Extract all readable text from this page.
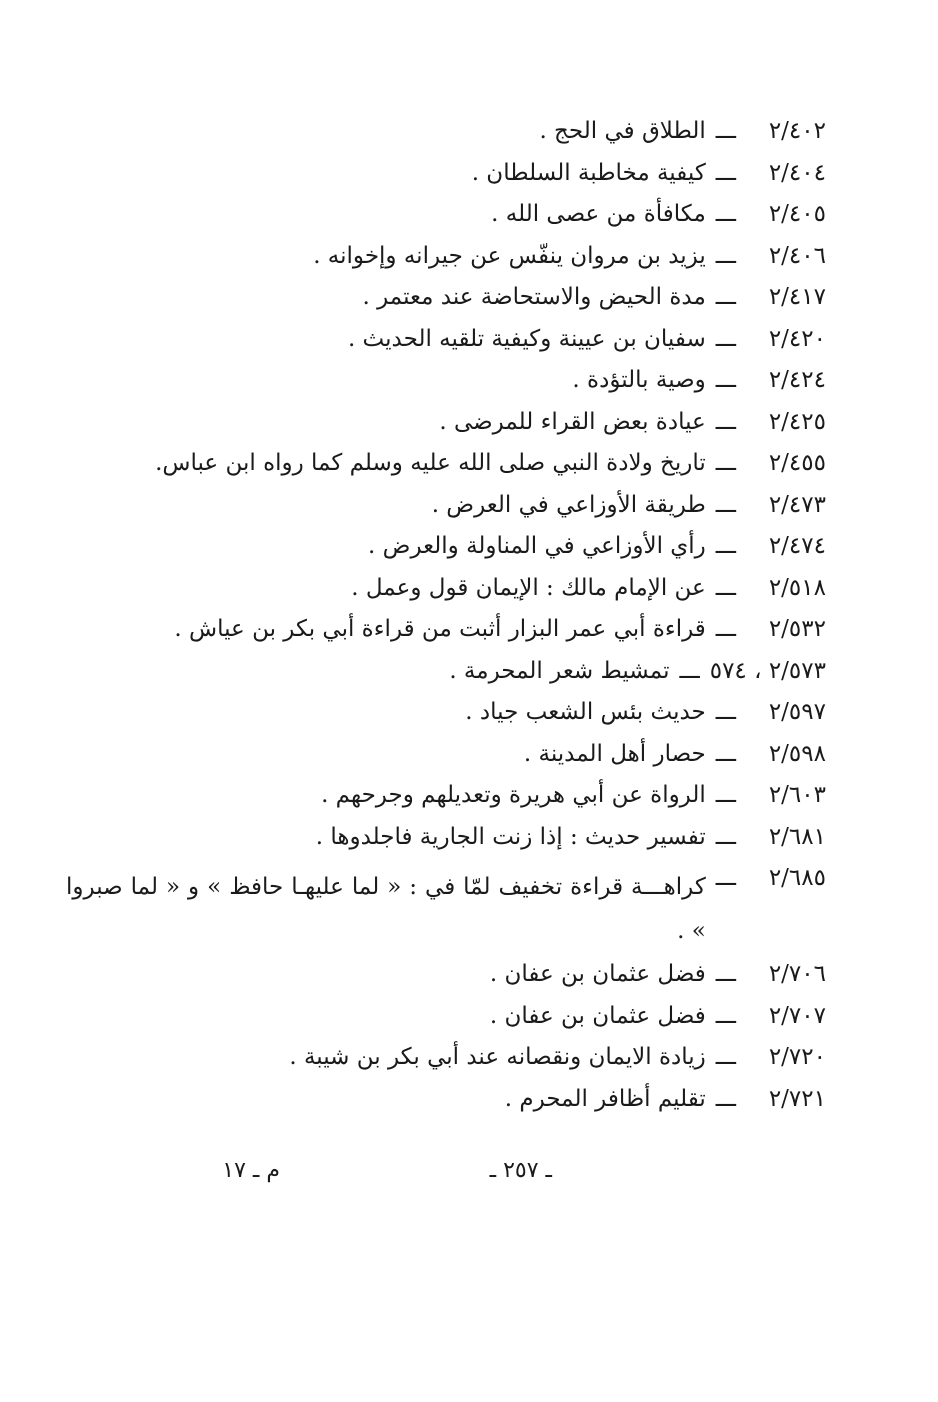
٢/٤٠٢
ـــ
الطلاق في الحج .
٢/٤٠٤
ـــ
كيفية مخاطبة السلطان .
٢/٤٠٥
ـــ
مكافأة من عصى الله .
٢/٤٠٦
ـــ
يزيد بن مروان ينفّس عن جيرانه وإخوانه .
٢/٤١٧
ـــ
مدة الحيض والاستحاضة عند معتمر .
٢/٤٢٠
ـــ
سفيان بن عيينة وكيفية تلقيه الحديث .
٢/٤٢٤
ـــ
وصية بالتؤدة .
٢/٤٢٥
ـــ
عيادة بعض القراء للمرضى .
٢/٤٥٥
ـــ
تاريخ ولادة النبي صلى الله عليه وسلم كما رواه ابن عباس.
٢/٤٧٣
ـــ
طريقة الأوزاعي في العرض .
٢/٤٧٤
ـــ
رأي الأوزاعي في المناولة والعرض .
٢/٥١٨
ـــ
عن الإمام مالك : الإيمان قول وعمل .
٢/٥٣٢
ـــ
قراءة أبي عمر البزار أثبت من قراءة أبي بكر بن عياش .
٢/٥٧٣ ، ٥٧٤
ـــ
تمشيط شعر المحرمة .
٢/٥٩٧
ـــ
حديث بئس الشعب جياد .
٢/٥٩٨
ـــ
حصار أهل المدينة .
٢/٦٠٣
ـــ
الرواة عن أبي هريرة وتعديلهم وجرحهم .
٢/٦٨١
ـــ
تفسير حديث : إذا زنت الجارية فاجلدوها .
٢/٦٨٥
ـــ
كراهـــة قراءة تخفيف لمّا في : « لما عليهـا حافظ » و « لما صبروا » .
٢/٧٠٦
ـــ
فضل عثمان بن عفان .
٢/٧٠٧
ـــ
فضل عثمان بن عفان .
٢/٧٢٠
ـــ
زيادة الايمان ونقصانه عند أبي بكر بن شيبة .
٢/٧٢١
ـــ
تقليم أظافر المحرم .
ـ ٢٥٧ ـ
م ـ ١٧
